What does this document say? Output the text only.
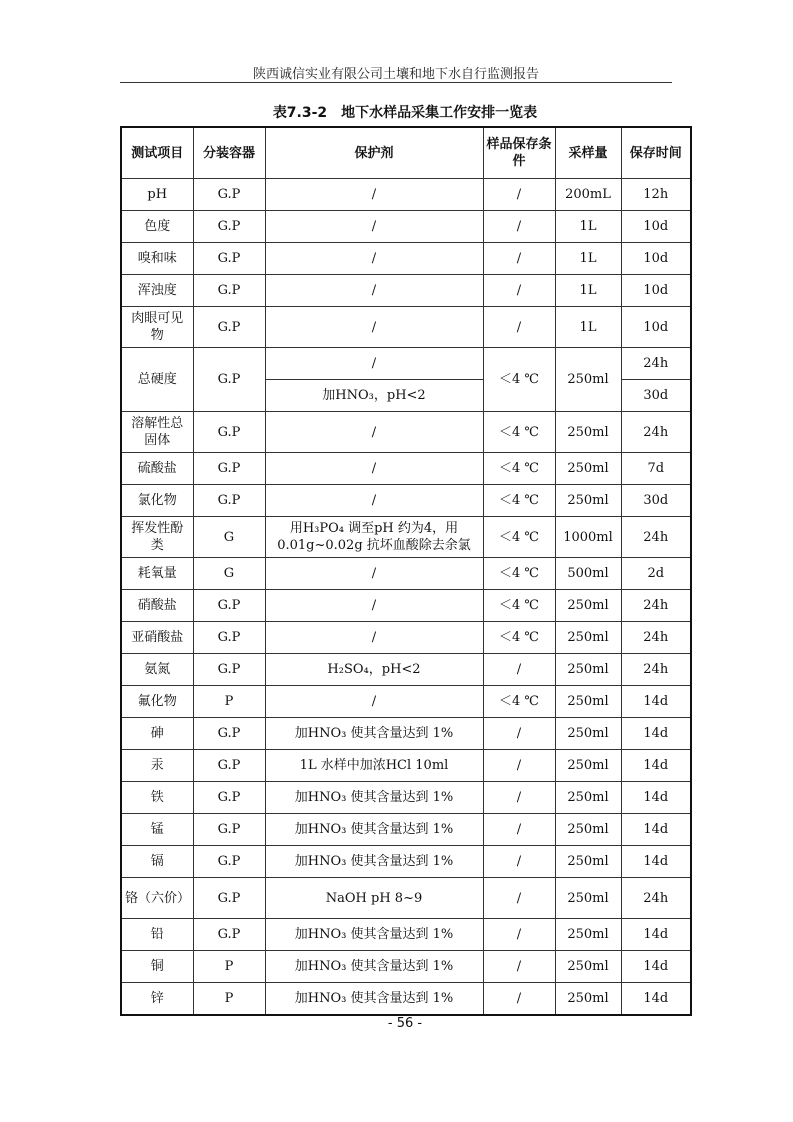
陕西诚信实业有限公司土壤和地下水自行监测报告
表7.3-2　地下水样品采集工作安排一览表
测试项目	分装容器	保护剂	样品保存条件	采样量	保存时间
pH	G.P	/	/	200mL	12h
色度	G.P	/	/	1L	10d
嗅和味	G.P	/	/	1L	10d
浑浊度	G.P	/	/	1L	10d
肉眼可见物	G.P	/	/	1L	10d
总硬度	G.P	/	＜4 ℃	250ml	24h
		加HNO₃，pH<2			30d
溶解性总固体	G.P	/	＜4 ℃	250ml	24h
硫酸盐	G.P	/	＜4 ℃	250ml	7d
氯化物	G.P	/	＜4 ℃	250ml	30d
挥发性酚类	G	用H₃PO₄ 调至pH 约为4，用0.01g~0.02g 抗坏血酸除去余氯	＜4 ℃	1000ml	24h
耗氧量	G	/	＜4 ℃	500ml	2d
硝酸盐	G.P	/	＜4 ℃	250ml	24h
亚硝酸盐	G.P	/	＜4 ℃	250ml	24h
氨氮	G.P	H₂SO₄，pH<2	/	250ml	24h
氟化物	P	/	＜4 ℃	250ml	14d
砷	G.P	加HNO₃ 使其含量达到 1%	/	250ml	14d
汞	G.P	1L 水样中加浓HCl 10ml	/	250ml	14d
铁	G.P	加HNO₃ 使其含量达到 1%	/	250ml	14d
锰	G.P	加HNO₃ 使其含量达到 1%	/	250ml	14d
镉	G.P	加HNO₃ 使其含量达到 1%	/	250ml	14d
铬（六价）	G.P	NaOH pH 8~9	/	250ml	24h
铅	G.P	加HNO₃ 使其含量达到 1%	/	250ml	14d
铜	P	加HNO₃ 使其含量达到 1%	/	250ml	14d
锌	P	加HNO₃ 使其含量达到 1%	/	250ml	14d
- 56 -
